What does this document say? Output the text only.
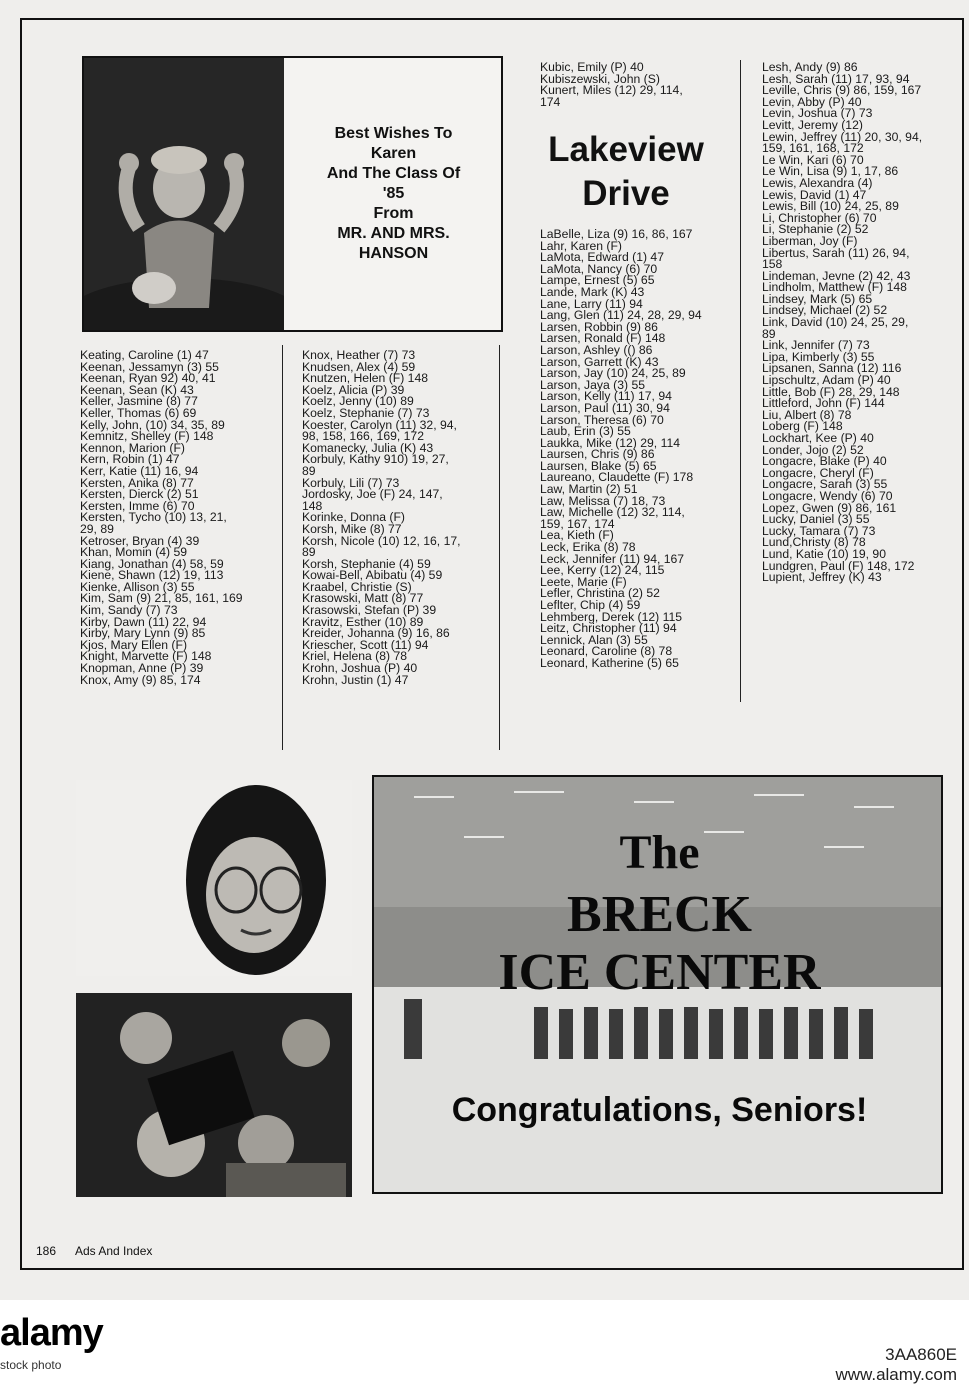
Best Wishes To
Karen
And The Class Of
'85
From
MR. AND MRS.
HANSON
Keating, Caroline (1) 47
Keenan, Jessamyn (3) 55
Keenan, Ryan 92) 40, 41
Keenan, Sean (K) 43
Keller, Jasmine (8) 77
Keller, Thomas (6) 69
Kelly, John, (10) 34, 35, 89
Kemnitz, Shelley (F) 148
Kennon, Marion (F)
Kern, Robin (1) 47
Kerr, Katie (11) 16, 94
Kersten, Anika (8) 77
Kersten, Dierck (2) 51
Kersten, Imme (6) 70
Kersten, Tycho (10) 13, 21,
29, 89
Ketroser, Bryan (4) 39
Khan, Momin (4) 59
Kiang, Jonathan (4) 58, 59
Kiene, Shawn (12) 19, 113
Kienke, Allison (3) 55
Kim, Sam (9) 21, 85, 161, 169
Kim, Sandy (7) 73
Kirby, Dawn (11) 22, 94
Kirby, Mary Lynn (9) 85
Kjos, Mary Ellen (F)
Knight, Marvette (F) 148
Knopman, Anne (P) 39
Knox, Amy (9) 85, 174
Knox, Heather (7) 73
Knudsen, Alex (4) 59
Knutzen, Helen (F) 148
Koelz, Alicia (P) 39
Koelz, Jenny (10) 89
Koelz, Stephanie (7) 73
Koester, Carolyn (11) 32, 94,
98, 158, 166, 169, 172
Komanecky, Julia (K) 43
Korbuly, Kathy 910) 19, 27,
89
Korbuly, Lili (7) 73
Jordosky, Joe (F) 24, 147,
148
Korinke, Donna (F)
Korsh, Mike (8) 77
Korsh, Nicole (10) 12, 16, 17,
89
Korsh, Stephanie (4) 59
Kowai-Bell, Abibatu (4) 59
Kraabel, Christie (S)
Krasowski, Matt (8) 77
Krasowski, Stefan (P) 39
Kravitz, Esther (10) 89
Kreider, Johanna (9) 16, 86
Kriescher, Scott (11) 94
Kriel, Helena (8) 78
Krohn, Joshua (P) 40
Krohn, Justin (1) 47
Kubic, Emily (P) 40
Kubiszewski, John (S)
Kunert, Miles (12) 29, 114,
174
Lakeview
Drive
LaBelle, Liza (9) 16, 86, 167
Lahr, Karen (F)
LaMota, Edward (1) 47
LaMota, Nancy (6) 70
Lampe, Ernest (5) 65
Lande, Mark (K) 43
Lane, Larry (11) 94
Lang, Glen (11) 24, 28, 29, 94
Larsen, Robbin (9) 86
Larsen, Ronald (F) 148
Larson, Ashley (() 86
Larson, Garrett (K) 43
Larson, Jay (10) 24, 25, 89
Larson, Jaya (3) 55
Larson, Kelly (11) 17, 94
Larson, Paul (11) 30, 94
Larson, Theresa (6) 70
Laub, Erin (3) 55
Laukka, Mike (12) 29, 114
Laursen, Chris (9) 86
Laursen, Blake (5) 65
Laureano, Claudette (F) 178
Law, Martin (2) 51
Law, Melissa (7) 18, 73
Law, Michelle (12) 32, 114,
159, 167, 174
Lea, Kieth (F)
Leck, Erika (8) 78
Leck, Jennifer (11) 94, 167
Lee, Kerry (12) 24, 115
Leete, Marie (F)
Lefler, Christina (2) 52
Leflter, Chip (4) 59
Lehmberg, Derek (12) 115
Leitz, Christopher (11) 94
Lennick, Alan (3) 55
Leonard, Caroline (8) 78
Leonard, Katherine (5) 65
Lesh, Andy (9) 86
Lesh, Sarah (11) 17, 93, 94
Leville, Chris (9) 86, 159, 167
Levin, Abby (P) 40
Levin, Joshua (7) 73
Levitt, Jeremy (12)
Lewin, Jeffrey (11) 20, 30, 94,
159, 161, 168, 172
Le Win, Kari (6) 70
Le Win, Lisa (9) 1, 17, 86
Lewis, Alexandra (4)
Lewis, David (1) 47
Lewis, Bill (10) 24, 25, 89
Li, Christopher (6) 70
Li, Stephanie (2) 52
Liberman, Joy (F)
Libertus, Sarah (11) 26, 94,
158
Lindeman, Jevne (2) 42, 43
Lindholm, Matthew (F) 148
Lindsey, Mark (5) 65
Lindsey, Michael (2) 52
Link, David (10) 24, 25, 29,
89
Link, Jennifer (7) 73
Lipa, Kimberly (3) 55
Lipsanen, Sanna (12) 116
Lipschultz, Adam (P) 40
Little, Bob (F) 28, 29, 148
Littleford, John (F) 144
Liu, Albert (8) 78
Loberg (F) 148
Lockhart, Kee (P) 40
Londer, Jojo (2) 52
Longacre, Blake (P) 40
Longacre, Cheryl (F)
Longacre, Sarah (3) 55
Longacre, Wendy (6) 70
Lopez, Gwen (9) 86, 161
Lucky, Daniel (3) 55
Lucky, Tamara (7) 73
Lund,Christy (8) 78
Lund, Katie (10) 19, 90
Lundgren, Paul (F) 148, 172
Lupient, Jeffrey (K) 43
The
BRECK
ICE CENTER
Congratulations, Seniors!
186 Ads And Index
alamy
stock photo
3AA860E
www.alamy.com
